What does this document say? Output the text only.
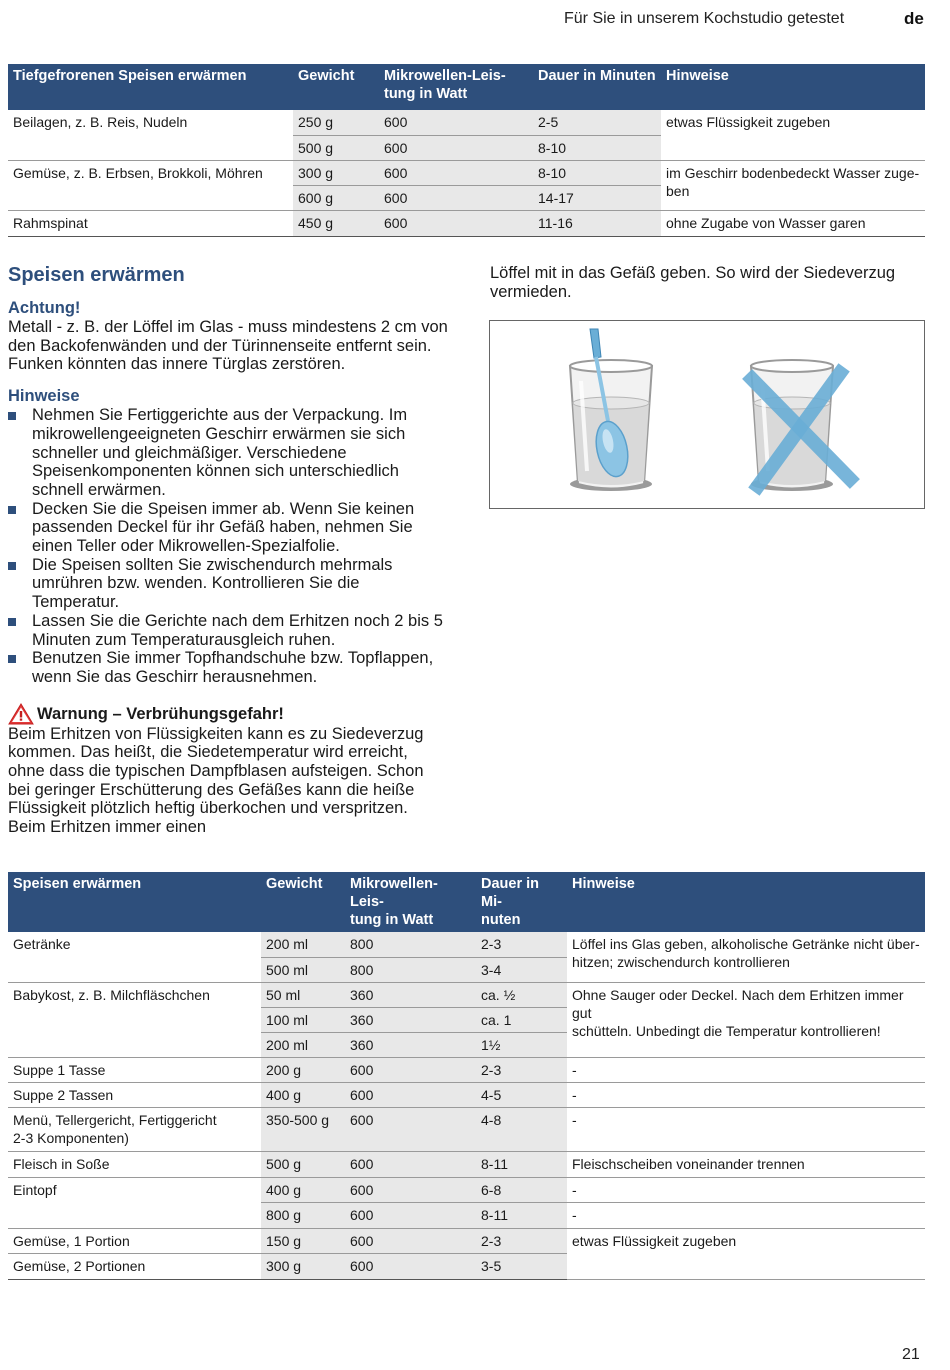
Für Sie in unserem Kochstudio getestet	de
Tiefgefrorenen Speisen erwärmen	Gewicht	Mikrowellen-Leis-
tung in Watt	Dauer in Minuten	Hinweise
Beilagen, z. B. Reis, Nudeln	250 g	600	2-5	etwas Flüssigkeit zugeben
	500 g	600	8-10	
Gemüse, z. B. Erbsen, Brokkoli, Möhren	300 g	600	8-10	im Geschirr bodenbedeckt Wasser zuge-
ben
	600 g	600	14-17	
Rahmspinat	450 g	600	11-16	ohne Zugabe von Wasser garen
Speisen erwärmen
Achtung!
Metall - z. B. der Löffel im Glas - muss mindestens 2 cm von den Backofenwänden und der Türinnenseite entfernt sein. Funken könnten das innere Türglas zerstören.
Hinweise
Nehmen Sie Fertiggerichte aus der Verpackung. Im mikrowellengeeigneten Geschirr erwärmen sie sich schneller und gleichmäßiger. Verschiedene Speisenkomponenten können sich unterschiedlich schnell erwärmen.
Decken Sie die Speisen immer ab. Wenn Sie keinen passenden Deckel für ihr Gefäß haben, nehmen Sie einen Teller oder Mikrowellen-Spezialfolie.
Die Speisen sollten Sie zwischendurch mehrmals umrühren bzw. wenden. Kontrollieren Sie die Temperatur.
Lassen Sie die Gerichte nach dem Erhitzen noch 2 bis 5 Minuten zum Temperaturausgleich ruhen.
Benutzen Sie immer Topfhandschuhe bzw. Topflappen, wenn Sie das Geschirr herausnehmen.
Warnung – Verbrühungsgefahr!
Beim Erhitzen von Flüssigkeiten kann es zu Siedeverzug kommen. Das heißt, die Siedetemperatur wird erreicht, ohne dass die typischen Dampfblasen aufsteigen. Schon bei geringer Erschütterung des Gefäßes kann die heiße Flüssigkeit plötzlich heftig überkochen und verspritzen. Beim Erhitzen immer einen
Löffel mit in das Gefäß geben. So wird der Siedeverzug vermieden.
Speisen erwärmen	Gewicht	Mikrowellen-Leis-
tung in Watt	Dauer in Mi-
nuten	Hinweise
Getränke	200 ml	800	2-3	Löffel ins Glas geben, alkoholische Getränke nicht über-
hitzen; zwischendurch kontrollieren
	500 ml	800	3-4	
Babykost, z. B. Milchfläschchen	50 ml	360	ca. ½	Ohne Sauger oder Deckel. Nach dem Erhitzen immer gut
schütteln. Unbedingt die Temperatur kontrollieren!
	100 ml	360	ca. 1	
	200 ml	360	1½	
Suppe 1 Tasse	200 g	600	2-3	-
Suppe 2 Tassen	400 g	600	4-5	-
Menü, Tellergericht, Fertiggericht
2-3 Komponenten)	350-500 g	600	4-8	-
Fleisch in Soße	500 g	600	8-11	Fleischscheiben voneinander trennen
Eintopf	400 g	600	6-8	-
	800 g	600	8-11	-
Gemüse, 1 Portion	150 g	600	2-3	etwas Flüssigkeit zugeben
Gemüse, 2 Portionen	300 g	600	3-5	
21
